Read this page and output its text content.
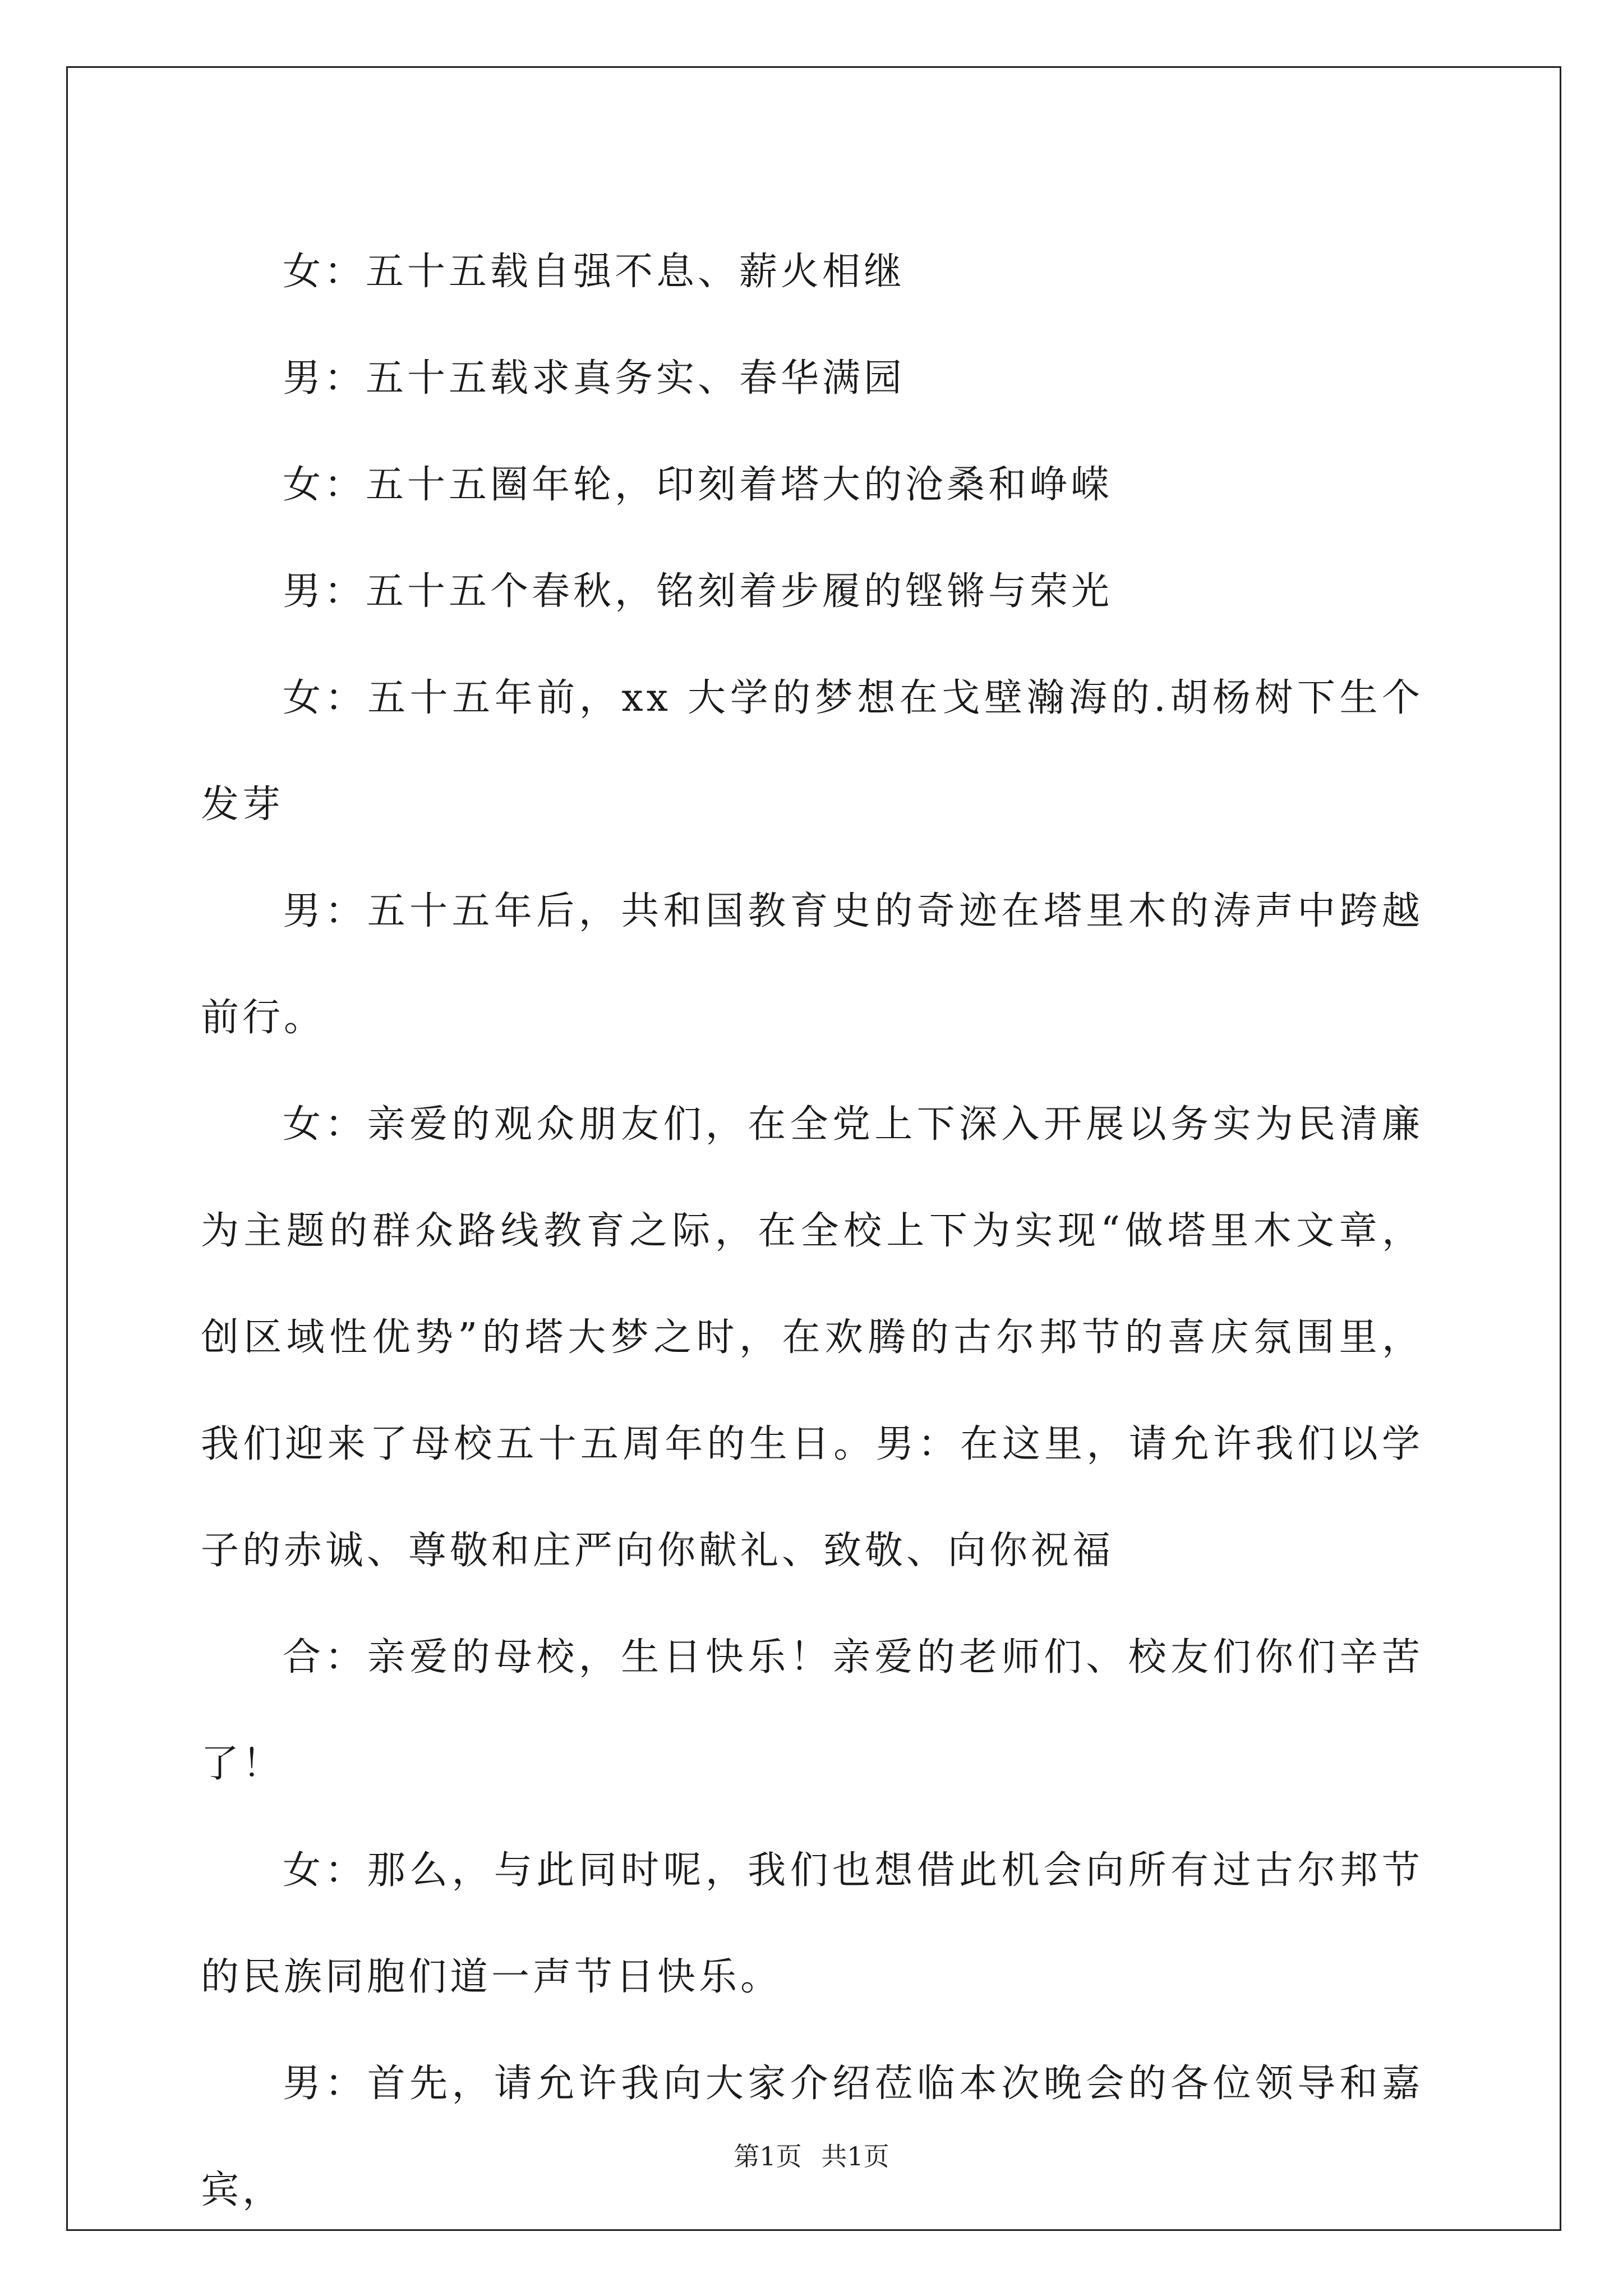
女：五十五载自强不息、薪火相继

男：五十五载求真务实、春华满园

女：五十五圈年轮，印刻着塔大的沧桑和峥嵘

男：五十五个春秋，铭刻着步履的铿锵与荣光

女：五十五年前，xx 大学的梦想在戈壁瀚海的.胡杨树下生个发芽

男：五十五年后，共和国教育史的奇迹在塔里木的涛声中跨越前行。

女：亲爱的观众朋友们，在全党上下深入开展以务实为民清廉为主题的群众路线教育之际，在全校上下为实现“做塔里木文章，创区域性优势”的塔大梦之时，在欢腾的古尔邦节的喜庆氛围里，我们迎来了母校五十五周年的生日。男：在这里，请允许我们以学子的赤诚、尊敬和庄严向你献礼、致敬、向你祝福

合：亲爱的母校，生日快乐！亲爱的老师们、校友们你们辛苦了！

女：那么，与此同时呢，我们也想借此机会向所有过古尔邦节的民族同胞们道一声节日快乐。

男：首先，请允许我向大家介绍莅临本次晚会的各位领导和嘉宾，

第1页 共1页
